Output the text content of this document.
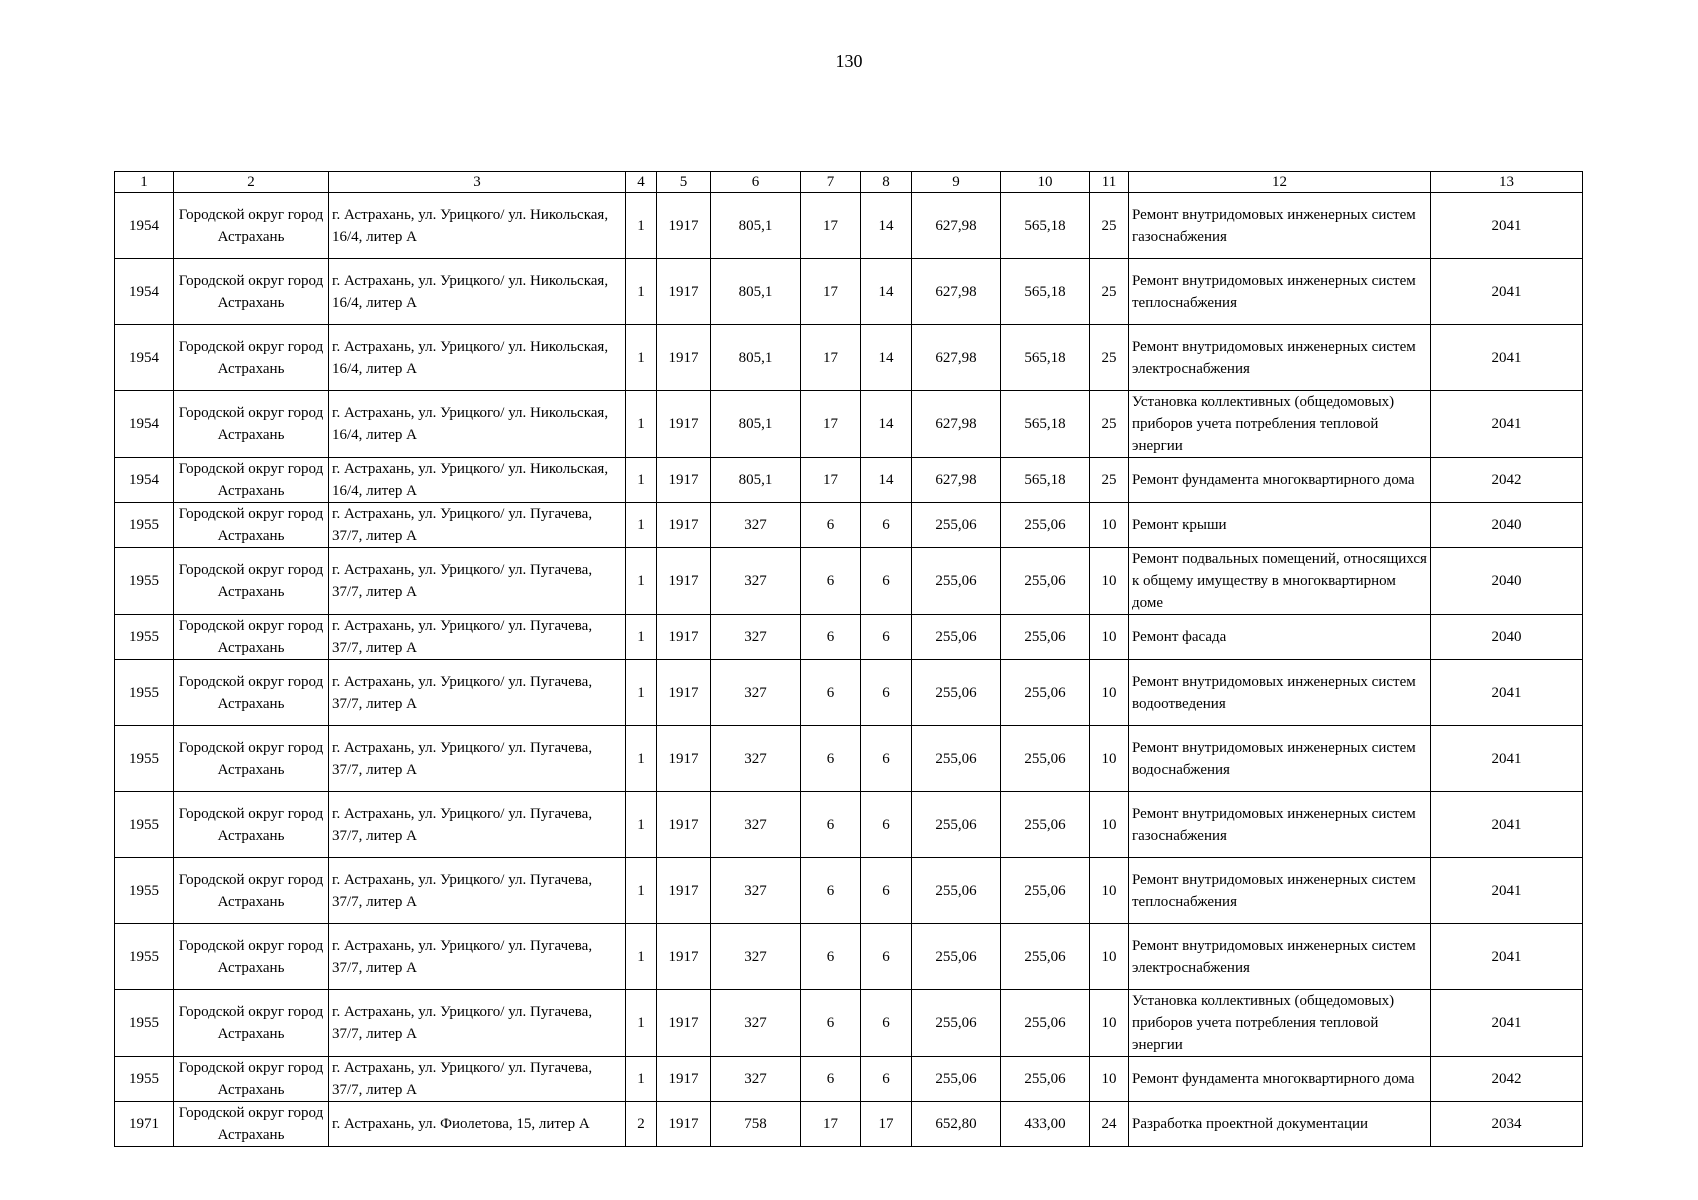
130
1	2	3	4	5	6	7	8	9	10	11	12	13
1954	Городской округ город Астрахань	г. Астрахань, ул. Урицкого/ ул. Никольская, 16/4, литер А	1	1917	805,1	17	14	627,98	565,18	25	Ремонт внутридомовых инженерных систем газоснабжения	2041
1954	Городской округ город Астрахань	г. Астрахань, ул. Урицкого/ ул. Никольская, 16/4, литер А	1	1917	805,1	17	14	627,98	565,18	25	Ремонт внутридомовых инженерных систем теплоснабжения	2041
1954	Городской округ город Астрахань	г. Астрахань, ул. Урицкого/ ул. Никольская, 16/4, литер А	1	1917	805,1	17	14	627,98	565,18	25	Ремонт внутридомовых инженерных систем электроснабжения	2041
1954	Городской округ город Астрахань	г. Астрахань, ул. Урицкого/ ул. Никольская, 16/4, литер А	1	1917	805,1	17	14	627,98	565,18	25	Установка коллективных (общедомовых) приборов учета потребления тепловой энергии	2041
1954	Городской округ город Астрахань	г. Астрахань, ул. Урицкого/ ул. Никольская, 16/4, литер А	1	1917	805,1	17	14	627,98	565,18	25	Ремонт фундамента многоквартирного дома	2042
1955	Городской округ город Астрахань	г. Астрахань, ул. Урицкого/ ул. Пугачева, 37/7, литер А	1	1917	327	6	6	255,06	255,06	10	Ремонт крыши	2040
1955	Городской округ город Астрахань	г. Астрахань, ул. Урицкого/ ул. Пугачева, 37/7, литер А	1	1917	327	6	6	255,06	255,06	10	Ремонт подвальных помещений, относящихся к общему имуществу в многоквартирном доме	2040
1955	Городской округ город Астрахань	г. Астрахань, ул. Урицкого/ ул. Пугачева, 37/7, литер А	1	1917	327	6	6	255,06	255,06	10	Ремонт фасада	2040
1955	Городской округ город Астрахань	г. Астрахань, ул. Урицкого/ ул. Пугачева, 37/7, литер А	1	1917	327	6	6	255,06	255,06	10	Ремонт внутридомовых инженерных систем водоотведения	2041
1955	Городской округ город Астрахань	г. Астрахань, ул. Урицкого/ ул. Пугачева, 37/7, литер А	1	1917	327	6	6	255,06	255,06	10	Ремонт внутридомовых инженерных систем водоснабжения	2041
1955	Городской округ город Астрахань	г. Астрахань, ул. Урицкого/ ул. Пугачева, 37/7, литер А	1	1917	327	6	6	255,06	255,06	10	Ремонт внутридомовых инженерных систем газоснабжения	2041
1955	Городской округ город Астрахань	г. Астрахань, ул. Урицкого/ ул. Пугачева, 37/7, литер А	1	1917	327	6	6	255,06	255,06	10	Ремонт внутридомовых инженерных систем теплоснабжения	2041
1955	Городской округ город Астрахань	г. Астрахань, ул. Урицкого/ ул. Пугачева, 37/7, литер А	1	1917	327	6	6	255,06	255,06	10	Ремонт внутридомовых инженерных систем электроснабжения	2041
1955	Городской округ город Астрахань	г. Астрахань, ул. Урицкого/ ул. Пугачева, 37/7, литер А	1	1917	327	6	6	255,06	255,06	10	Установка коллективных (общедомовых) приборов учета потребления тепловой энергии	2041
1955	Городской округ город Астрахань	г. Астрахань, ул. Урицкого/ ул. Пугачева, 37/7, литер А	1	1917	327	6	6	255,06	255,06	10	Ремонт фундамента многоквартирного дома	2042
1971	Городской округ город Астрахань	г. Астрахань, ул. Фиолетова, 15, литер А	2	1917	758	17	17	652,80	433,00	24	Разработка проектной документации	2034
